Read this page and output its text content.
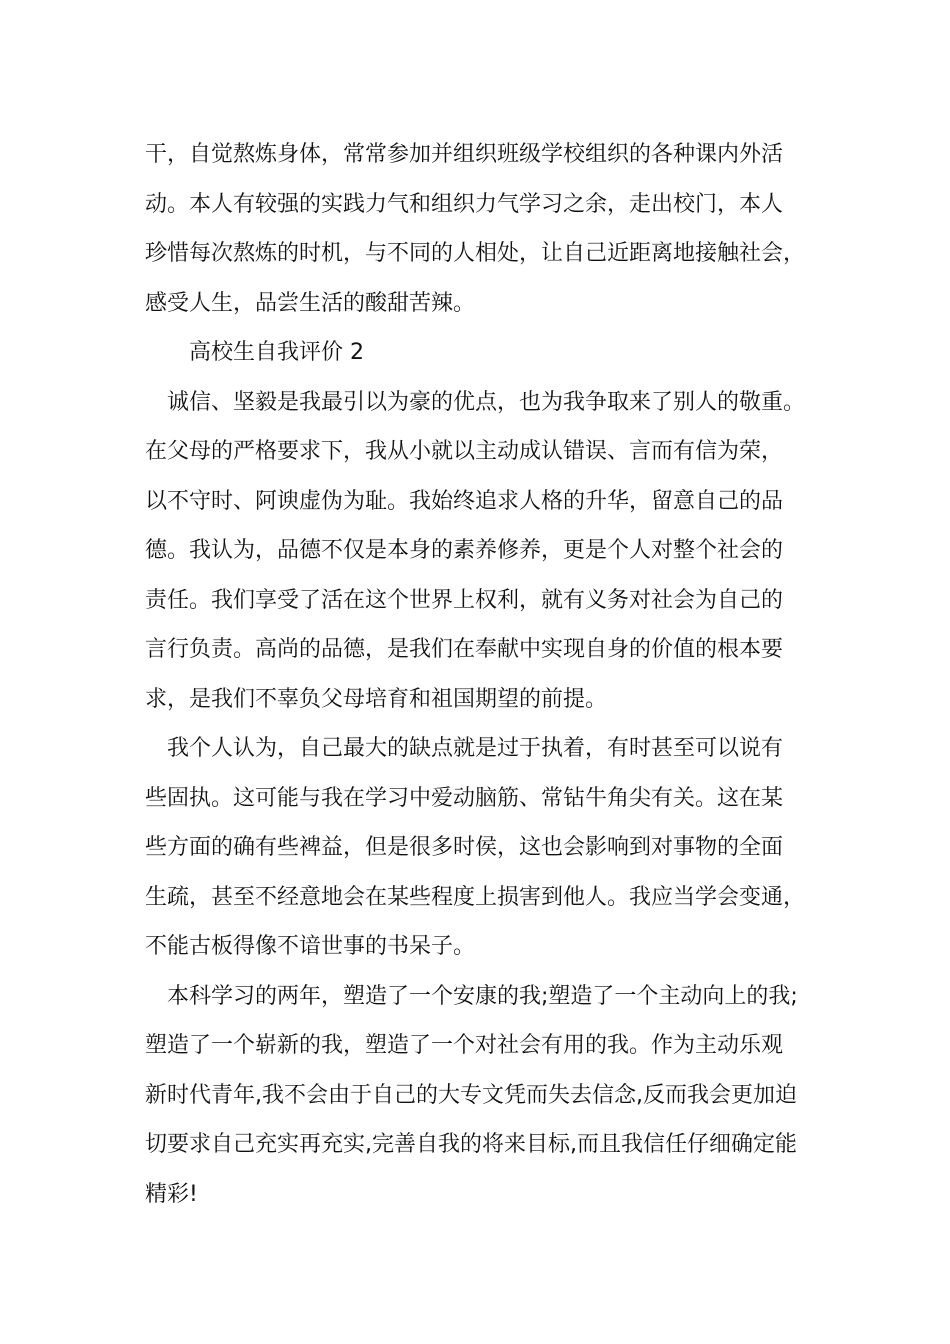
干，自觉熬炼身体，常常参加并组织班级学校组织的各种课内外活
动。本人有较强的实践力气和组织力气学习之余，走出校门，本人
珍惜每次熬炼的时机，与不同的人相处，让自己近距离地接触社会，
感受人生，品尝生活的酸甜苦辣。
高校生自我评价 2
诚信、坚毅是我最引以为豪的优点，也为我争取来了别人的敬重。
在父母的严格要求下，我从小就以主动成认错误、言而有信为荣，
以不守时、阿谀虚伪为耻。我始终追求人格的升华，留意自己的品
德。我认为，品德不仅是本身的素养修养，更是个人对整个社会的
责任。我们享受了活在这个世界上权利，就有义务对社会为自己的
言行负责。高尚的品德，是我们在奉献中实现自身的价值的根本要
求，是我们不辜负父母培育和祖国期望的前提。
我个人认为，自己最大的缺点就是过于执着，有时甚至可以说有
些固执。这可能与我在学习中爱动脑筋、常钻牛角尖有关。这在某
些方面的确有些裨益，但是很多时侯，这也会影响到对事物的全面
生疏，甚至不经意地会在某些程度上损害到他人。我应当学会变通，
不能古板得像不谙世事的书呆子。
本科学习的两年，塑造了一个安康的我;塑造了一个主动向上的我;
塑造了一个崭新的我，塑造了一个对社会有用的我。作为主动乐观
新时代青年,我不会由于自己的大专文凭而失去信念,反而我会更加迫
切要求自己充实再充实,完善自我的将来目标,而且我信任仔细确定能
精彩!
